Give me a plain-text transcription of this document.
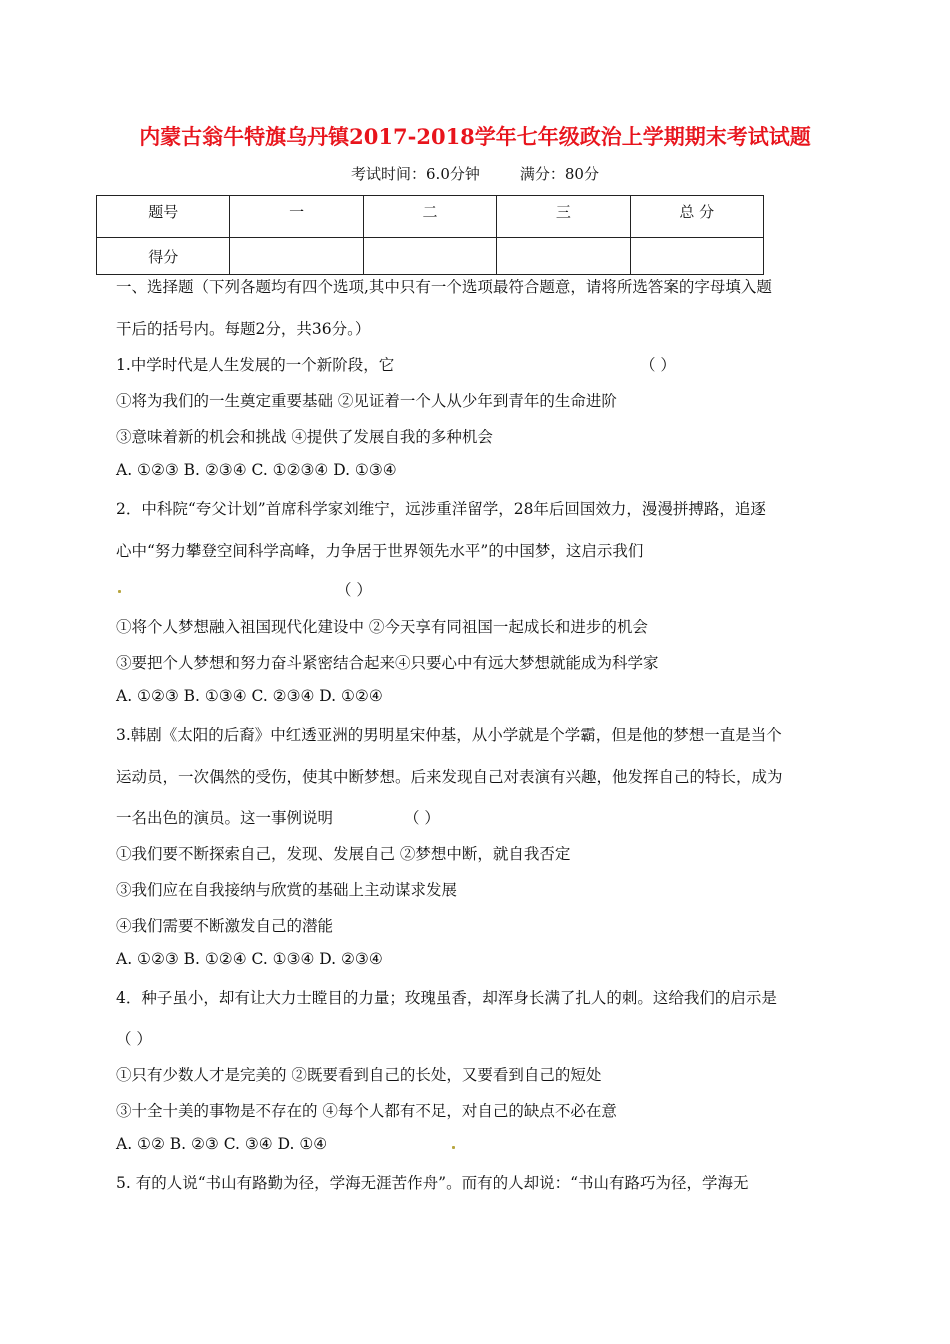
内蒙古翁牛特旗乌丹镇2017-2018学年七年级政治上学期期末考试试题
考试时间：6.0分钟	满分：80分
题号	一	二	三	总 分
得分				
一、选择题（下列各题均有四个选项,其中只有一个选项最符合题意，请将所选答案的字母填入题
干后的括号内。每题2分，共36分。）
1.中学时代是人生发展的一个新阶段，它	（ ）
①将为我们的一生奠定重要基础 ②见证着一个人从少年到青年的生命进阶
③意味着新的机会和挑战 ④提供了发展自我的多种机会
A. ①②③ B. ②③④ C. ①②③④ D. ①③④
2．中科院“夸父计划”首席科学家刘维宁，远涉重洋留学，28年后回国效力，漫漫拼搏路，追逐
心中“努力攀登空间科学高峰，力争居于世界领先水平”的中国梦，这启示我们
（ ）
①将个人梦想融入祖国现代化建设中 ②今天享有同祖国一起成长和进步的机会
③要把个人梦想和努力奋斗紧密结合起来④只要心中有远大梦想就能成为科学家
A. ①②③ B. ①③④ C. ②③④ D. ①②④
3.韩剧《太阳的后裔》中红透亚洲的男明星宋仲基，从小学就是个学霸，但是他的梦想一直是当个
运动员，一次偶然的受伤，使其中断梦想。后来发现自己对表演有兴趣，他发挥自己的特长，成为
一名出色的演员。这一事例说明	（ ）
①我们要不断探索自己，发现、发展自己 ②梦想中断，就自我否定
③我们应在自我接纳与欣赏的基础上主动谋求发展
④我们需要不断激发自己的潜能
A. ①②③ B. ①②④ C. ①③④ D. ②③④
4．种子虽小，却有让大力士瞠目的力量；玫瑰虽香，却浑身长满了扎人的刺。这给我们的启示是
（ ）
①只有少数人才是完美的 ②既要看到自己的长处，又要看到自己的短处
③十全十美的事物是不存在的 ④每个人都有不足，对自己的缺点不必在意
A. ①② B. ②③ C. ③④ D. ①④
5. 有的人说“书山有路勤为径，学海无涯苦作舟”。而有的人却说：“书山有路巧为径，学海无
